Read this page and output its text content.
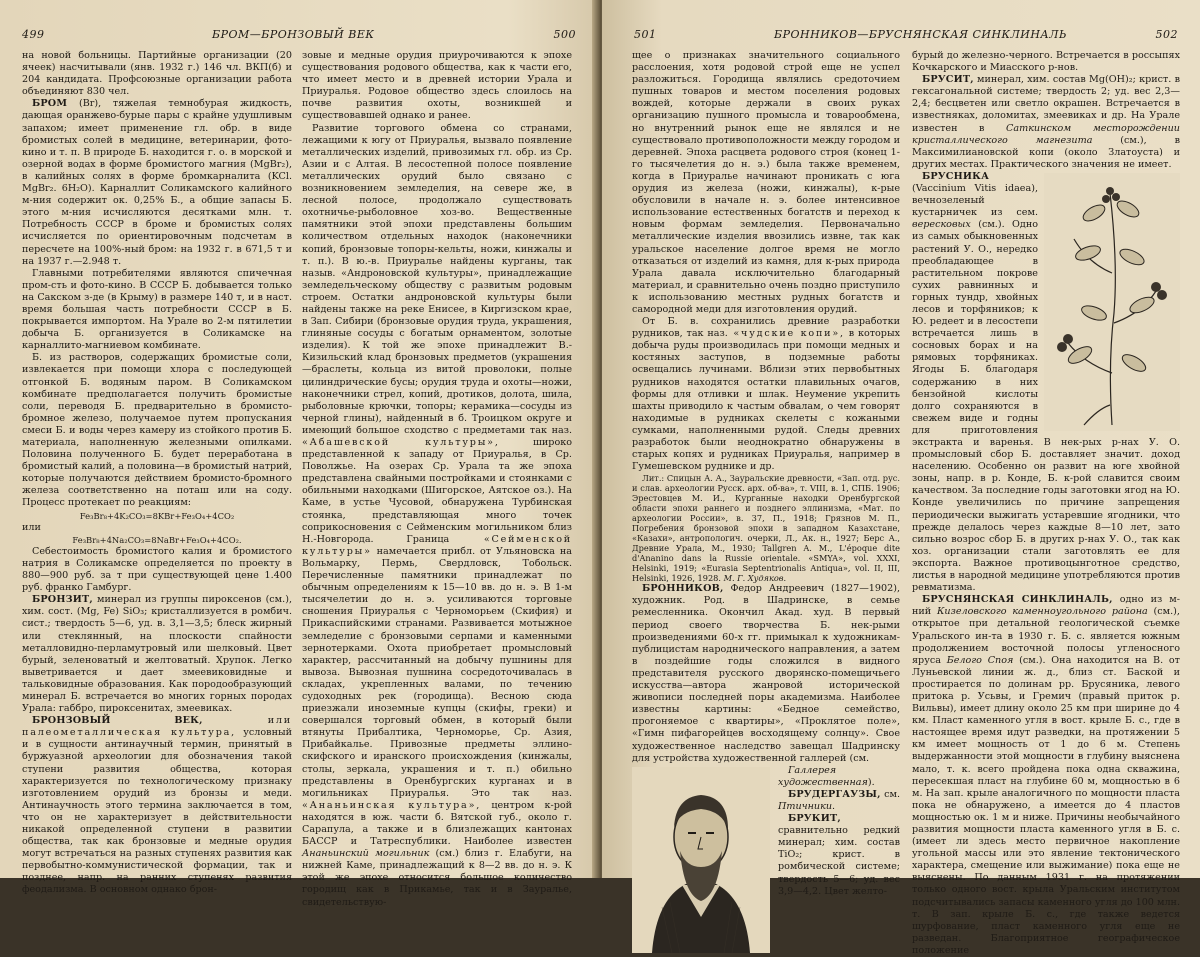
499	БРОМ—БРОНЗОВЫЙ ВЕК	500

на новой больницы. Партийные организации (20 ячеек) насчитывали (янв. 1932 г.) 146 чл. ВКП(б) и 204 кандидата. Профсоюзные организации работа объединяют 830 чел.

БРОМ (Br), тяжелая темнобурая жидкость, дающая оранжево-бурые пары с крайне удушливым запахом; имеет применение гл. обр. в виде бромистых солей в медицине, ветеринарии, фото-кино и т. п. В природе Б. находится г. о. в морской и озерной водах в форме бромистого магния (MgBr₂), в калийных солях в форме бромкарналита (KCl. MgBr₂. 6H₂O). Карналлит Соликамского калийного м-ния содержит ок. 0,25% Б., а общие запасы Б. этого м-ния исчисляются десятками млн. т. Потребность СССР в броме и бромистых солях исчисляется по ориентировочным подсчетам в пересчете на 100%-ный бром: на 1932 г. в 671,5 т и на 1937 г.—2.948 т.

Главными потребителями являются спичечная пром-сть и фото-кино. В СССР Б. добывается только на Сакском з-де (в Крыму) в размере 140 т, и в наст. время большая часть потребности СССР в Б. покрывается импортом. На Урале во 2-м пятилетии добыча Б. организуется в Соликамске на карналлито-магниевом комбинате.

Б. из растворов, содержащих бромистые соли, извлекается при помощи хлора с последующей отгонкой Б. водяным паром. В Соликамском комбинате предполагается получить бромистые соли, переводя Б. предварительно в бромисто-бромное железо, получаемое путем пропускания смеси Б. и воды через камеру из стойкого против Б. материала, наполненную железными опилками. Половина полученного Б. будет переработана в бромистый калий, а половина—в бромистый натрий, которые получаются действием бромисто-бромного железа соответственно на поташ или на соду. Процесс протекает по реакциям:

Fe₃Br₈+4K₂CO₃=8KBr+Fe₃O₄+4CO₂

или

Fe₃Br₈+4Na₂CO₃=8NaBr+Fe₃O₄+4CO₂.

Себестоимость бромистого калия и бромистого натрия в Соликамске определяется по проекту в 880—900 руб. за т при существующей цене 1.400 руб. франко Гамбург.

БРОНЗИТ, минерал из группы пироксенов (см.), хим. сост. (Mg, Fe) SiO₃; кристаллизуется в ромбич. сист.; твердость 5—6, уд. в. 3,1—3,5; блеск жирный или стеклянный, на плоскости спайности металловидно-перламутровый или шелковый. Цвет бурый, зеленоватый и желтоватый. Хрупок. Легко выветривается и дает змеевиковидные и тальковидные образования. Как породообразующий минерал Б. встречается во многих горных породах Урала: габбро, пироксенитах, змеевиках.

БРОНЗОВЫЙ ВЕК, или палеометаллическая культура, условный и в сущности антинаучный термин, принятый в буржуазной археологии для обозначения такой ступени развития общества, которая характеризуется по технологическому признаку изготовлением орудий из бронзы и меди. Антинаучность этого термина заключается в том, что он не характеризует в действительности никакой определенной ступени в развитии общества, так как бронзовые и медные орудия могут встречаться на разных ступенях развития как первобытно-коммунистической формации, так и позднее, напр. на ранних ступенях развития феодализма. В основном однако брон-

зовые и медные орудия приурочиваются к эпохе существования родового общества, как к части его, что имеет место и в древней истории Урала и Приуралья. Родовое общество здесь слоилось на почве развития охоты, возникшей и существовавшей однако и ранее.

Развитие торгового обмена со странами, лежащими к югу от Приуралья, вызвало появление металлических изделий, привозимых гл. обр. из Ср. Азии и с Алтая. В лесостепной полосе появление металлических орудий было связано с возникновением земледелия, на севере же, в лесной полосе, продолжало существовать охотничье-рыболовное хоз-во. Вещественные памятники этой эпохи представлены большим количеством отдельных находок (наконечники копий, бронзовые топоры-кельты, ножи, кинжалы и т. п.). В ю.-в. Приуралье найдены курганы, так назыв. «Андроновской культуры», принадлежащие земледельческому обществу с развитым родовым строем. Остатки андроновской культуры были найдены также на реке Енисее, в Киргизском крае, в Зап. Сибири (бронзовые орудия труда, украшения, глиняные сосуды с богатым орнаментом, золотые изделия). К той же эпохе принадлежит В.-Кизильский клад бронзовых предметов (украшения—браслеты, кольца из витой проволоки, полые цилиндрические бусы; орудия труда и охоты—ножи, наконечники стрел, копий, дротиков, долота, шила, рыболовные крючки, топоры; керамика—сосуды из черной глины), найденный в б. Троицком округе и имеющий большое сходство с предметами так наз. «Абашевской культуры», широко представленной к западу от Приуралья, в Ср. Поволжье. На озерах Ср. Урала та же эпоха представлена свайными постройками и стоянками с обильными находками (Шигорское, Аятское оз.). На Каме, в устье Чусовой, обнаружена Турбинская стоянка, представляющая много точек соприкосновения с Сейменским могильником близ Н.-Новгорода. Граница «Сейменской культуры» намечается прибл. от Ульяновска на Вольмарку, Пермь, Свердловск, Тобольск. Перечисленные памятники принадлежат по обычным определениям к 15—10 вв. до н. э. В 1-м тысячелетии до н. э. усиливаются торговые сношения Приуралья с Черноморьем (Скифия) и Прикаспийскими странами. Развивается мотыжное земледелие с бронзовыми серпами и каменными зернотерками. Охота приобретает промысловый характер, рассчитанный на добычу пушнины для вывоза. Вывозная пушнина сосредоточивалась в складах, укрепленных валами, по течению судоходных рек (городища). Весною сюда приезжали иноземные купцы (скифы, греки) и совершался торговый обмен, в который были втянуты Прибалтика, Черноморье, Ср. Азия, Прибайкалье. Привозные предметы эллино-скифского и иранского происхождения (кинжалы, столы, зеркала, украшения и т. п.) обильно представлены в Оренбургских курганах и в могильниках Приуралья. Это так наз. «Ананьинская культура», центром к-рой находятся в юж. части б. Вятской губ., около г. Сарапула, а также и в близлежащих кантонах БАССР и Татреспублики. Наиболее известен Ананьинский могильник (см.) близ г. Елабуги, на нижней Каме, принадлежащий к 8—2 вв. до н. э. К этой же эпохе относится большое количество городищ как в Прикамье, так и в Зауралье, свидетельствую-

501	БРОННИКОВ—БРУСНЯНСКАЯ СИНКЛИНАЛЬ	502

щее о признаках значительного социального расслоения, хотя родовой строй еще не успел разложиться. Городища являлись средоточием пушных товаров и местом поселения родовых вождей, которые держали в своих руках организацию пушного промысла и товарообмена, но внутренний рынок еще не являлся и не существовало противоположности между городом и деревней. Эпоха расцвета родового строя (конец 1-го тысячелетия до н. э.) была также временем, когда в Приуралье начинают проникать с юга орудия из железа (ножи, кинжалы), к-рые обусловили в начале н. э. более интенсивное использование естественных богатств и переход к новым формам земледелия. Первоначально металлические изделия ввозились извне, так как уральское население долгое время не могло отказаться от изделий из камня, для к-рых природа Урала давала исключительно благодарный материал, и сравнительно очень поздно приступило к использованию местных рудных богатств и самородной меди для изготовления орудий.

От Б. в. сохранились древние разработки рудников, так наз. «чудские копи», в которых добыча руды производилась при помощи медных и костяных заступов, в подземные работы освещались лучинами. Вблизи этих первобытных рудников находятся остатки плавильных очагов, формы для отливки и шлак. Неумение укрепить шахты приводило к частым обвалам, о чем говорят находимые в рудниках скелеты с кожаными сумками, наполненными рудой. Следы древних разработок были неоднократно обнаружены в старых копях и рудниках Приуралья, например в Гумешевском руднике и др.

Лит.: Спицын А. А., Зауральские древности, «Зап. отд. рус. и слав. археологии Русск. арх. об-ва», т. VIII, в. 1, СПБ. 1906; Эрестовцев М. И., Курганные находки Оренбургской области эпохи раннего и позднего эллинизма, «Мат. по археологии России», в. 37, П., 1918; Грязнов М. П., Погребения бронзовой эпохи в западном Казахстане, «Казахи», антропологич. очерки, Л., Ак. н., 1927; Берс А., Древние Урала, М., 1930; Tallgren A. M., L'époque dite d'Ananino dans la Russie orientale. «SMYA», vol. XXXI, Helsinki, 1919; «Eurasia Septentrionalis Antiqua», vol. II, III, Helsinki, 1926, 1928. М. Г. Худяков.

БРОННИКОВ, Федор Андреевич (1827—1902), художник. Род. в Шадринске, в семье ремесленника. Окончил Акад. худ. В первый период своего творчества Б. нек-рыми произведениями 60-х гг. примыкал к художникам-публицистам народнического направления, а затем в поздейшие годы сложился в видного представителя русского дворянско-помещичьего искусства—автора жанровой исторической живописи последней поры академизма. Наиболее известны картины: «Бедное семейство, прогоняемое с квартиры», «Проклятое поле», «Гимн пифагорейцев восходящему солнцу». Свое художественное наследство завещал Шадринску для устройства художественной галлерей (см.

Галлерея художественная).

БРУДЕРГАУЗЫ, см. Птичники.

БРУКИТ, сравнительно редкий минерал; хим. состав TiO₂; крист. в ромбической системе; твердость 5—6; уд. вес 3,9—4,2. Цвет желто-

бурый до железно-черного. Встречается в россыпях Кочкарского и Миасского р-нов.

БРУСИТ, минерал, хим. состав Mg(OH)₂; крист. в гексагональной системе; твердость 2; уд. вес 2,3—2,4; бесцветен или светло окрашен. Встречается в известняках, доломитах, змеевиках и др. На Урале известен в Саткинском месторождении кристаллического магнезита (см.), в Максимилиановской копи (около Златоуста) и других местах. Практического значения не имеет.

БРУСНИКА (Vaccinium Vitis idaea), вечнозеленый кустарничек из сем. вересковых (см.). Одно из самых обыкновенных растений У. О., нередко преобладающее в растительном покрове сухих равнинных и горных тундр, хвойных лесов и торфяников; к Ю. редеет и в лесостепи встречается лишь в сосновых борах и на рямовых торфяниках. Ягоды Б. благодаря содержанию в них бензойной кислоты долго сохраняются в свежем виде и годны для приготовления экстракта и варенья. В нек-рых р-нах У. О. промысловый сбор Б. доставляет значит. доход населению. Особенно он развит на юге хвойной зоны, напр. в р. Конде, Б. к-рой славится своим качеством. За последние годы заготовки ягод на Ю. Конде увеличились по причине запрещения периодически выжигать устаревшие ягодники, что прежде делалось через каждые 8—10 лет, зато сильно возрос сбор Б. в других р-нах У. О., так как хоз. организации стали заготовлять ее для экспорта. Важное противоцынготное средство, листья в народной медицине употребляются против ревматизма.

БРУСНЯНСКАЯ СИНКЛИНАЛЬ, одно из м-ний Кизеловского каменноугольного района (см.), открытое при детальной геологической съемке Уральского ин-та в 1930 г. Б. с. является южным продолжением восточной полосы угленосного яруса Белого Споя (см.). Она находится на В. от Луньевской линии ж. д., близ ст. Баской и простирается по долинам рр. Брусяника, левого притока р. Усьвы, и Гремич (правый приток р. Вильвы), имеет длину около 25 км при ширине до 4 км. Пласт каменного угля в вост. крыле Б. с., где в настоящее время идут разведки, на протяжении 5 км имеет мощность от 1 до 6 м. Степень выдержанности этой мощности в глубину выяснена мало, т. к. всего пройдена пока одна скважина, пересекшая пласт на глубине 60 м, мощностью в 6 м. На зап. крыле аналогичного по мощности пласта пока не обнаружено, а имеется до 4 пластов мощностью ок. 1 м и ниже. Причины необычайного развития мощности пласта каменного угля в Б. с. (имеет ли здесь место первичное накопление угольной массы или это явление тектонического характера, смещение или выжимание) пока еще не выяснены. По данным 1931 г. на протяжении только одного вост. крыла Уральским институтом подсчитывались запасы каменного угля до 100 млн. т. В зап. крыле Б. с., где также ведется шурфование, пласт каменного угля еще не разведан. Благоприятное географическое положение
